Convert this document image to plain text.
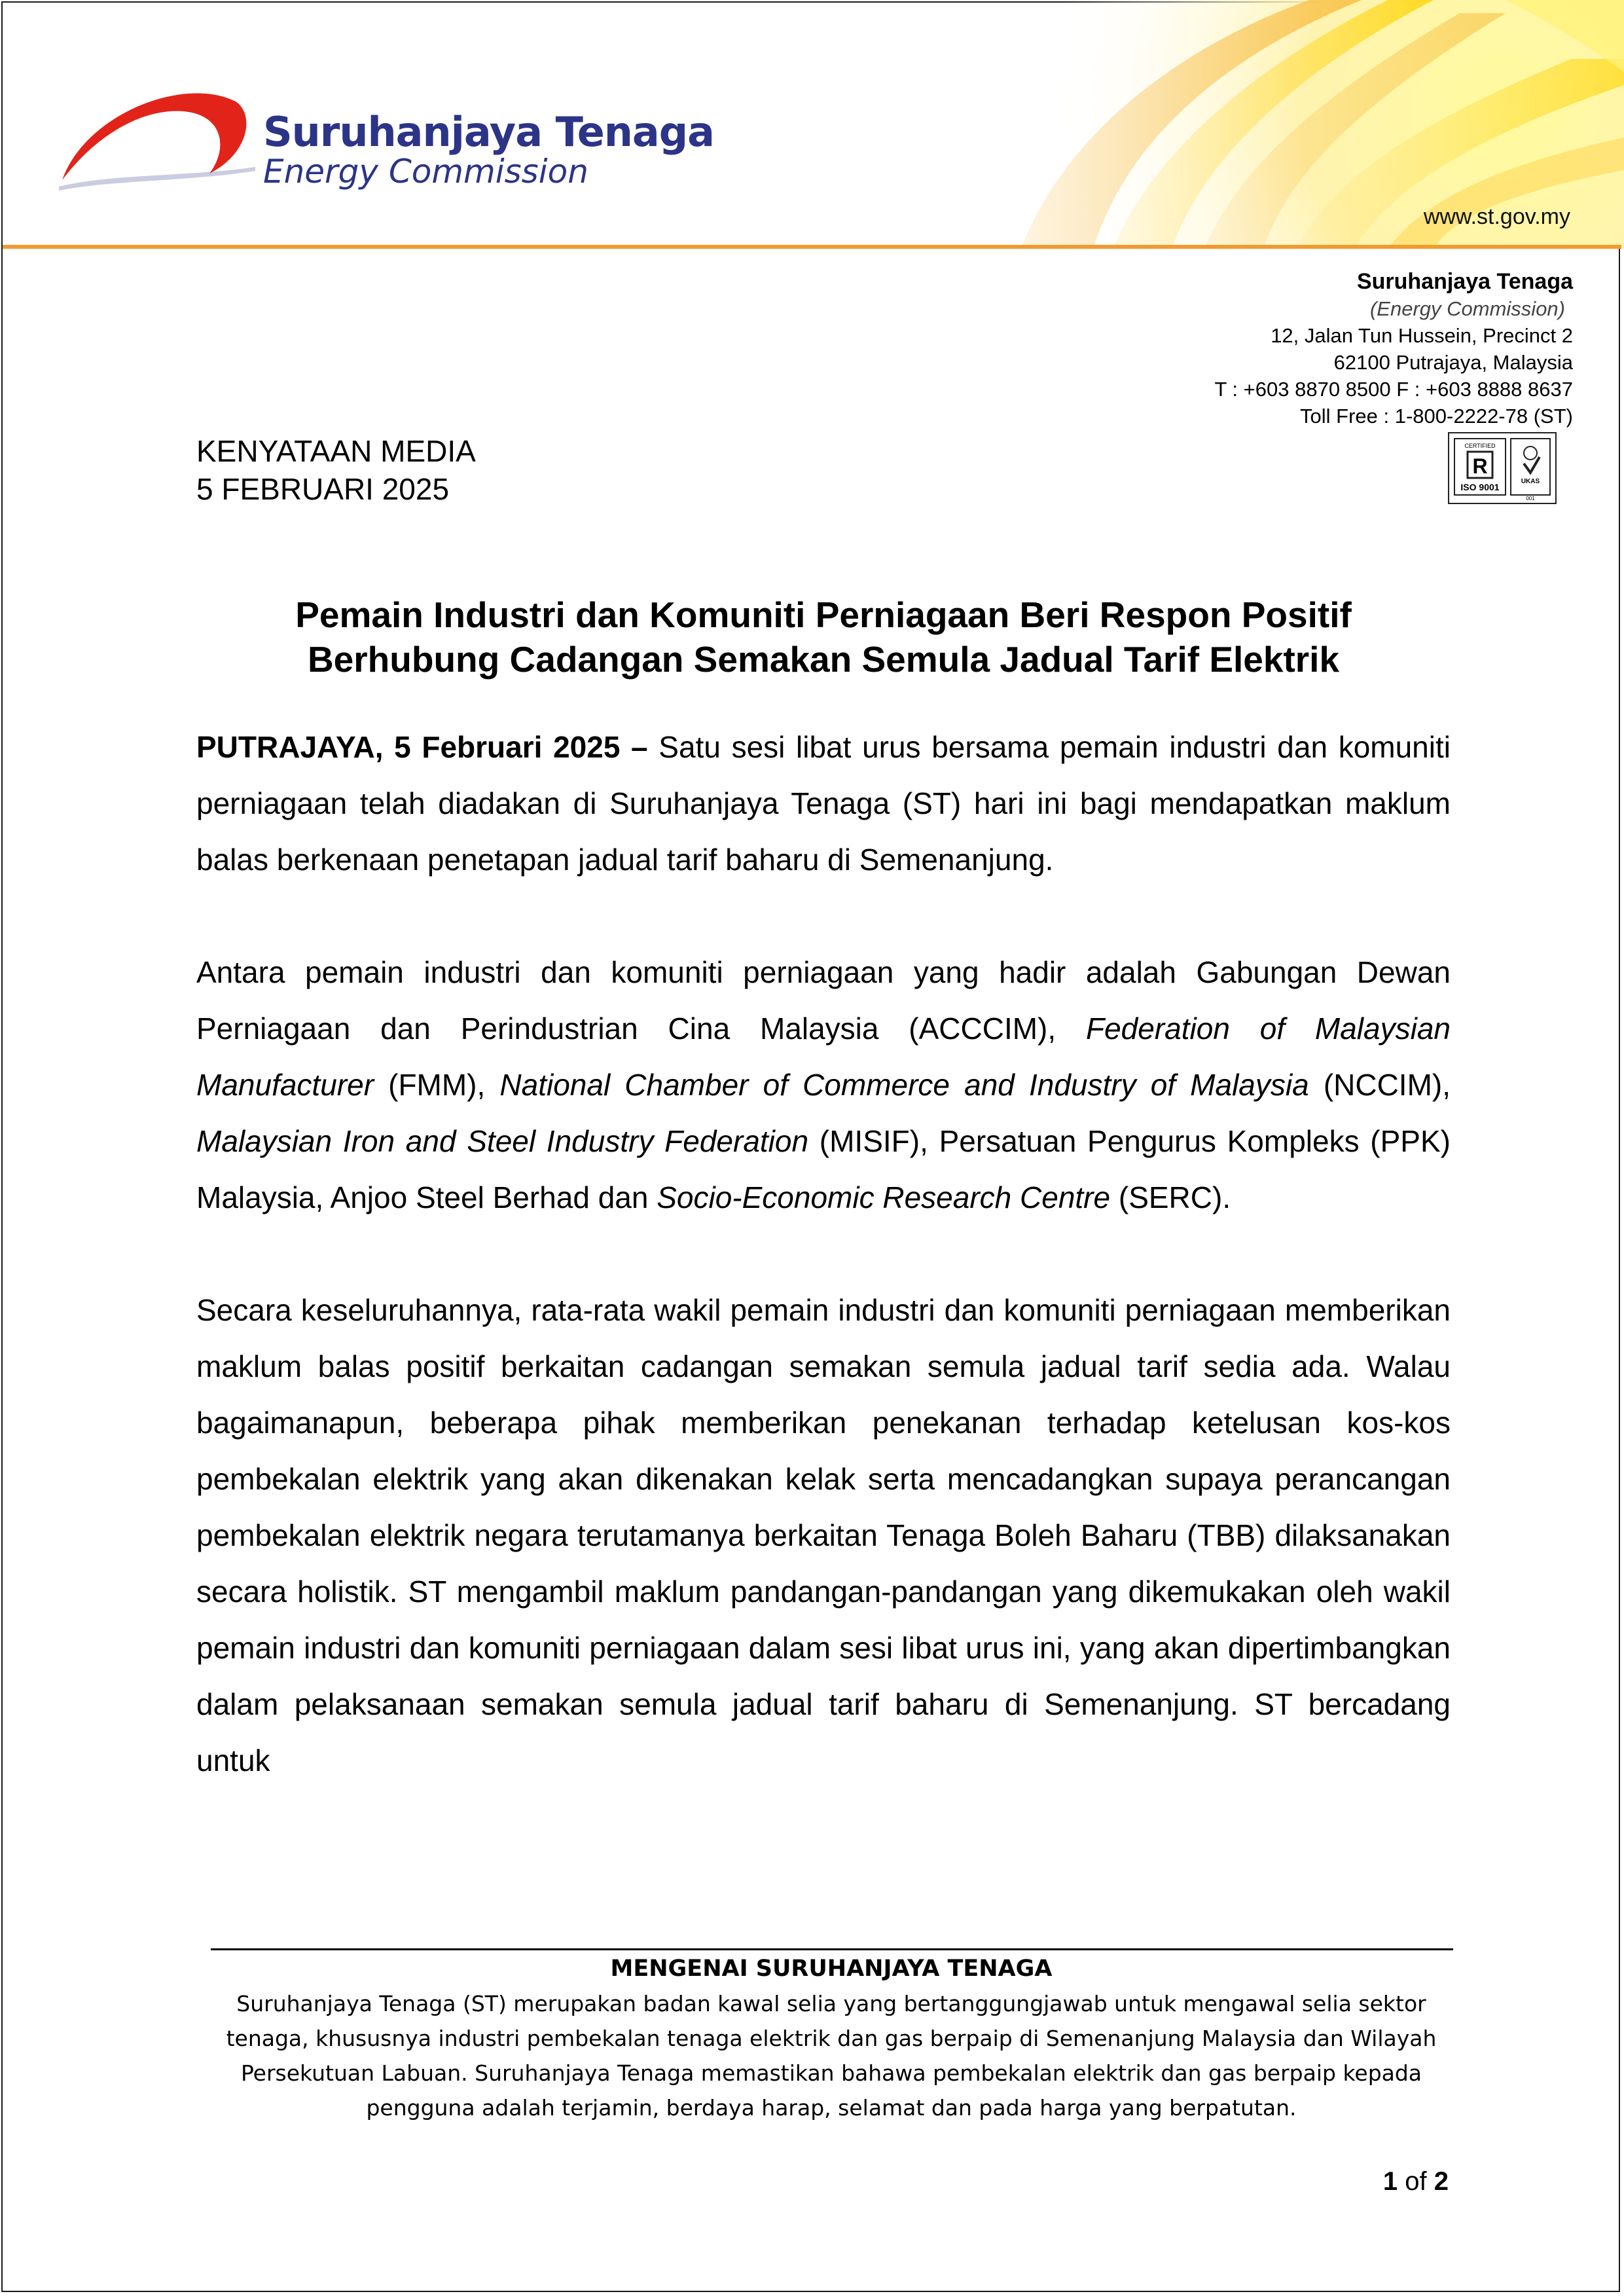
Suruhanjaya Tenaga
Energy Commission
www.st.gov.my
Suruhanjaya Tenaga
(Energy Commission)
12, Jalan Tun Hussein, Precinct 2
62100 Putrajaya, Malaysia
T : +603 8870 8500 F : +603 8888 8637
Toll Free : 1-800-2222-78 (ST)
CERTIFIED
R
ISO 9001
UKAS
001
KENYATAAN MEDIA
5 FEBRUARI 2025
Pemain Industri dan Komuniti Perniagaan Beri Respon Positif
Berhubung Cadangan Semakan Semula Jadual Tarif Elektrik

PUTRAJAYA, 5 Februari 2025 – Satu sesi libat urus bersama pemain industri dan komuniti perniagaan telah diadakan di Suruhanjaya Tenaga (ST) hari ini bagi mendapatkan maklum balas berkenaan penetapan jadual tarif baharu di Semenanjung.

Antara pemain industri dan komuniti perniagaan yang hadir adalah Gabungan Dewan Perniagaan dan Perindustrian Cina Malaysia (ACCCIM), Federation of Malaysian Manufacturer (FMM), National Chamber of Commerce and Industry of Malaysia (NCCIM), Malaysian Iron and Steel Industry Federation (MISIF), Persatuan Pengurus Kompleks (PPK) Malaysia, Anjoo Steel Berhad dan Socio-Economic Research Centre (SERC).

Secara keseluruhannya, rata-rata wakil pemain industri dan komuniti perniagaan memberikan maklum balas positif berkaitan cadangan semakan semula jadual tarif sedia ada. Walau bagaimanapun, beberapa pihak memberikan penekanan terhadap ketelusan kos-kos pembekalan elektrik yang akan dikenakan kelak serta mencadangkan supaya perancangan pembekalan elektrik negara terutamanya berkaitan Tenaga Boleh Baharu (TBB) dilaksanakan secara holistik. ST mengambil maklum pandangan-pandangan yang dikemukakan oleh wakil pemain industri dan komuniti perniagaan dalam sesi libat urus ini, yang akan dipertimbangkan dalam pelaksanaan semakan semula jadual tarif baharu di Semenanjung. ST bercadang untuk

MENGENAI SURUHANJAYA TENAGA
Suruhanjaya Tenaga (ST) merupakan badan kawal selia yang bertanggungjawab untuk mengawal selia sektor
tenaga, khususnya industri pembekalan tenaga elektrik dan gas berpaip di Semenanjung Malaysia dan Wilayah
Persekutuan Labuan. Suruhanjaya Tenaga memastikan bahawa pembekalan elektrik dan gas berpaip kepada
pengguna adalah terjamin, berdaya harap, selamat dan pada harga yang berpatutan.
1 of 2
